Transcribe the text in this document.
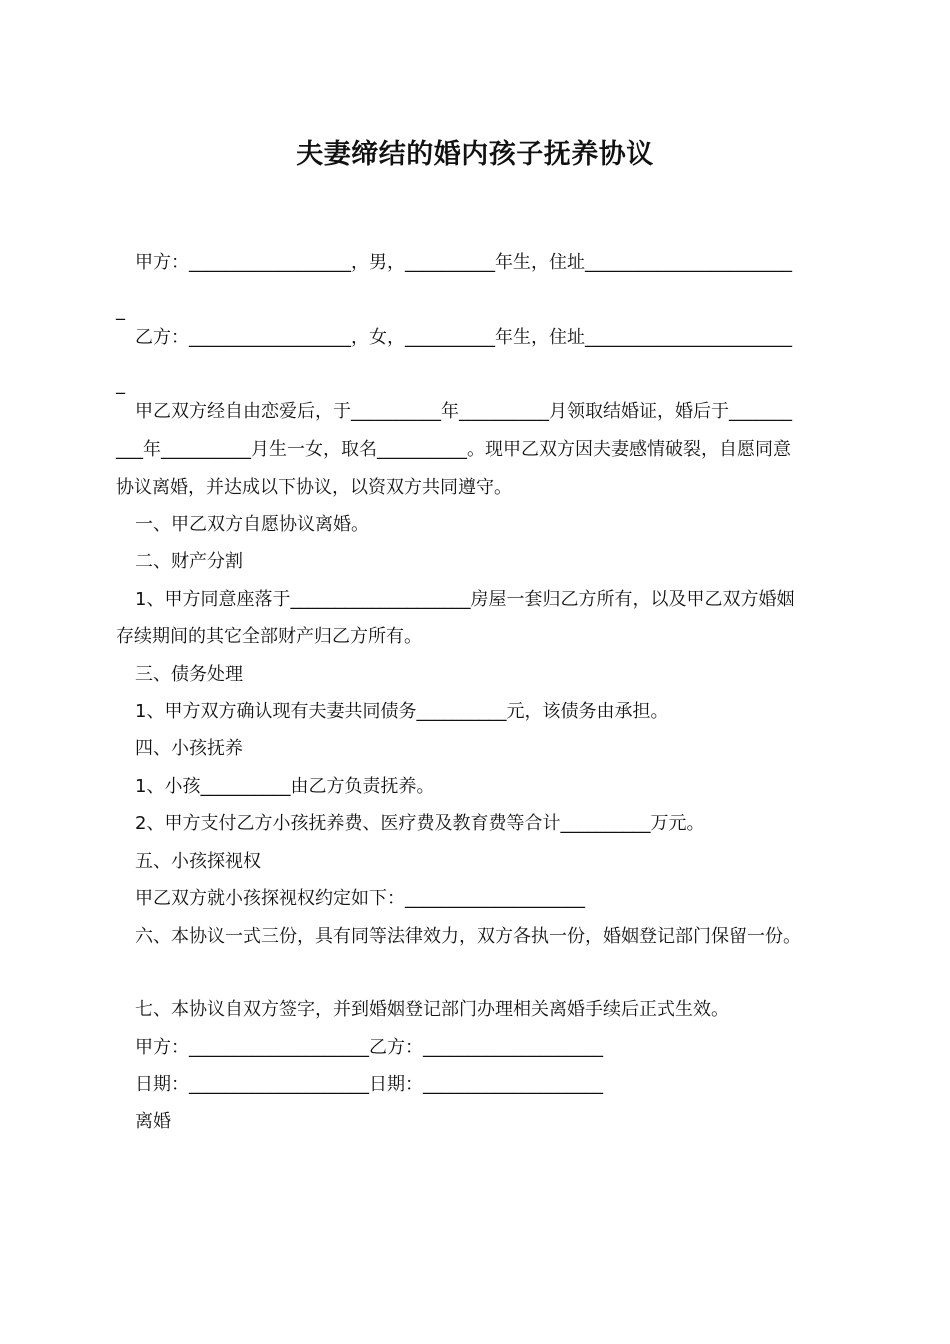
夫妻缔结的婚内孩子抚养协议
甲方：__________________，男，__________年生，住址_______________________
_
乙方：__________________，女，__________年生，住址_______________________
_
甲乙双方经自由恋爱后，于__________年__________月领取结婚证，婚后于_______
___年__________月生一女，取名__________。现甲乙双方因夫妻感情破裂，自愿同意
协议离婚，并达成以下协议，以资双方共同遵守。
一、甲乙双方自愿协议离婚。
二、财产分割
1、甲方同意座落于____________________房屋一套归乙方所有，以及甲乙双方婚姻
存续期间的其它全部财产归乙方所有。
三、债务处理
1、甲方双方确认现有夫妻共同债务__________元，该债务由承担。
四、小孩抚养
1、小孩__________由乙方负责抚养。
2、甲方支付乙方小孩抚养费、医疗费及教育费等合计__________万元。
五、小孩探视权
甲乙双方就小孩探视权约定如下：____________________
六、本协议一式三份，具有同等法律效力，双方各执一份，婚姻登记部门保留一份。
七、本协议自双方签字，并到婚姻登记部门办理相关离婚手续后正式生效。
甲方：____________________乙方：____________________
日期：____________________日期：____________________
离婚
